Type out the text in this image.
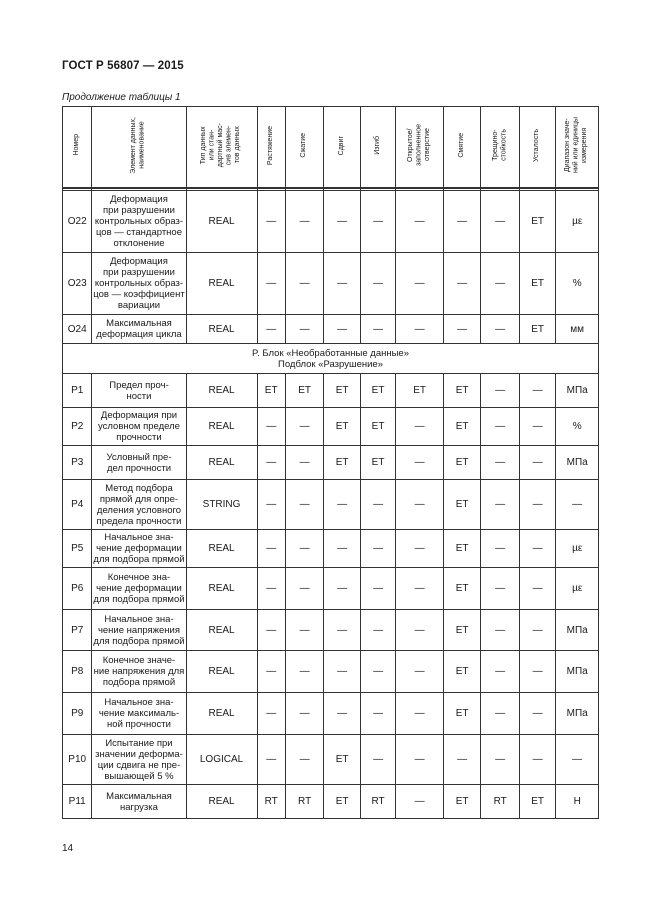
ГОСТ Р 56807 — 2015
Продолжение таблицы 1
Номер	Элемент данных, наименование	Тип данных или стан- дартный мас- сив элемен- тов данных	Растяжение	Сжатие	Сдвиг	Изгиб	Открытое/ заполненное отверстие	Смятие	Трещино- стойкость	Усталость	Диапазон значе- ний или единицы измерения

O22	Деформация
при разрушении
контрольных образ-
цов — стандартное
отклонение	REAL	—	—	—	—	—	—	—	ET	µε
O23	Деформация
при разрушении
контрольных образ-
цов — коэффициент
вариации	REAL	—	—	—	—	—	—	—	ET	%
O24	Максимальная
деформация цикла	REAL	—	—	—	—	—	—	—	ET	мм
P. Блок «Необработанные данные»
Подблок «Разрушение»											
P1	Предел проч-
ности	REAL	ET	ET	ET	ET	ET	ET	—	—	МПа
P2	Деформация при
условном пределе
прочности	REAL	—	—	ET	ET	—	ET	—	—	%
P3	Условный пре-
дел прочности	REAL	—	—	ET	ET	—	ET	—	—	МПа
P4	Метод подбора
прямой для опре-
деления условного
предела прочности	STRING	—	—	—	—	—	ET	—	—	—
P5	Начальное зна-
чение деформации
для подбора прямой	REAL	—	—	—	—	—	ET	—	—	µε
P6	Конечное зна-
чение деформации
для подбора прямой	REAL	—	—	—	—	—	ET	—	—	µε
P7	Начальное зна-
чение напряжения
для подбора прямой	REAL	—	—	—	—	—	ET	—	—	МПа
P8	Конечное значе-
ние напряжения для
подбора прямой	REAL	—	—	—	—	—	ET	—	—	МПа
P9	Начальное зна-
чение максималь-
ной прочности	REAL	—	—	—	—	—	ET	—	—	МПа
P10	Испытание при
значении деформа-
ции сдвига не пре-
вышающей 5 %	LOGICAL	—	—	ET	—	—	—	—	—	—
P11	Максимальная
нагрузка	REAL	RT	RT	ET	RT	—	ET	RT	ET	Н
14
